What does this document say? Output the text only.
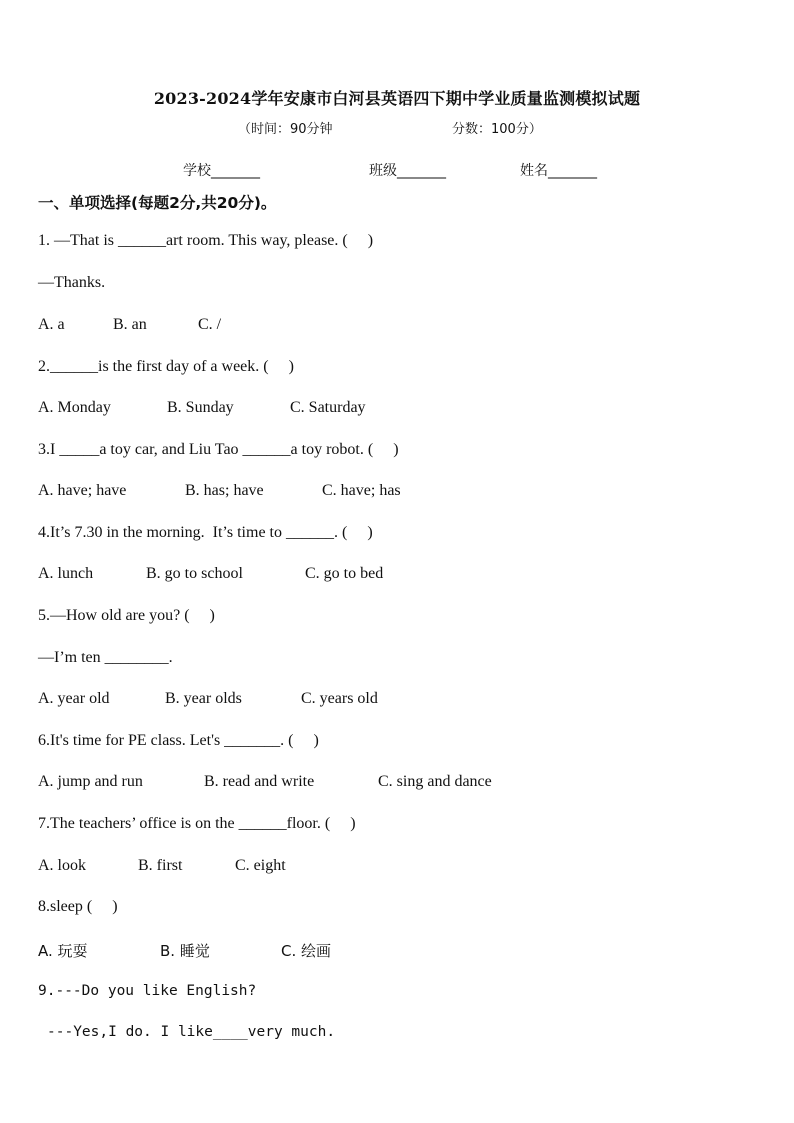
2023-2024学年安康市白河县英语四下期中学业质量监测模拟试题
（时间：90分钟	分数：100分）
学校_______	班级_______	姓名_______
一、单项选择(每题2分,共20分)。
1. —That is ______art room. This way, please. (     )
—Thanks.
A. a	B. an	C. /
2.______is the first day of a week. (     )
A. Monday	B. Sunday	C. Saturday
3.I _____a toy car, and Liu Tao ______a toy robot. (     )
A. have; have	B. has; have	C. have; has
4.It’s 7.30 in the morning.  It’s time to ______. (     )
A. lunch	B. go to school	C. go to bed
5.—How old are you? (     )
—I’m ten ________.
A. year old	B. year olds	C. years old
6.It's time for PE class. Let's _______. (     )
A. jump and run	B. read and write	C. sing and dance
7.The teachers’ office is on the ______floor. (     )
A. look	B. first	C. eight
8.sleep (     )
A. 玩耍	B. 睡觉	C. 绘画
9.---Do you like English?
---Yes,I do. I like____very much.
